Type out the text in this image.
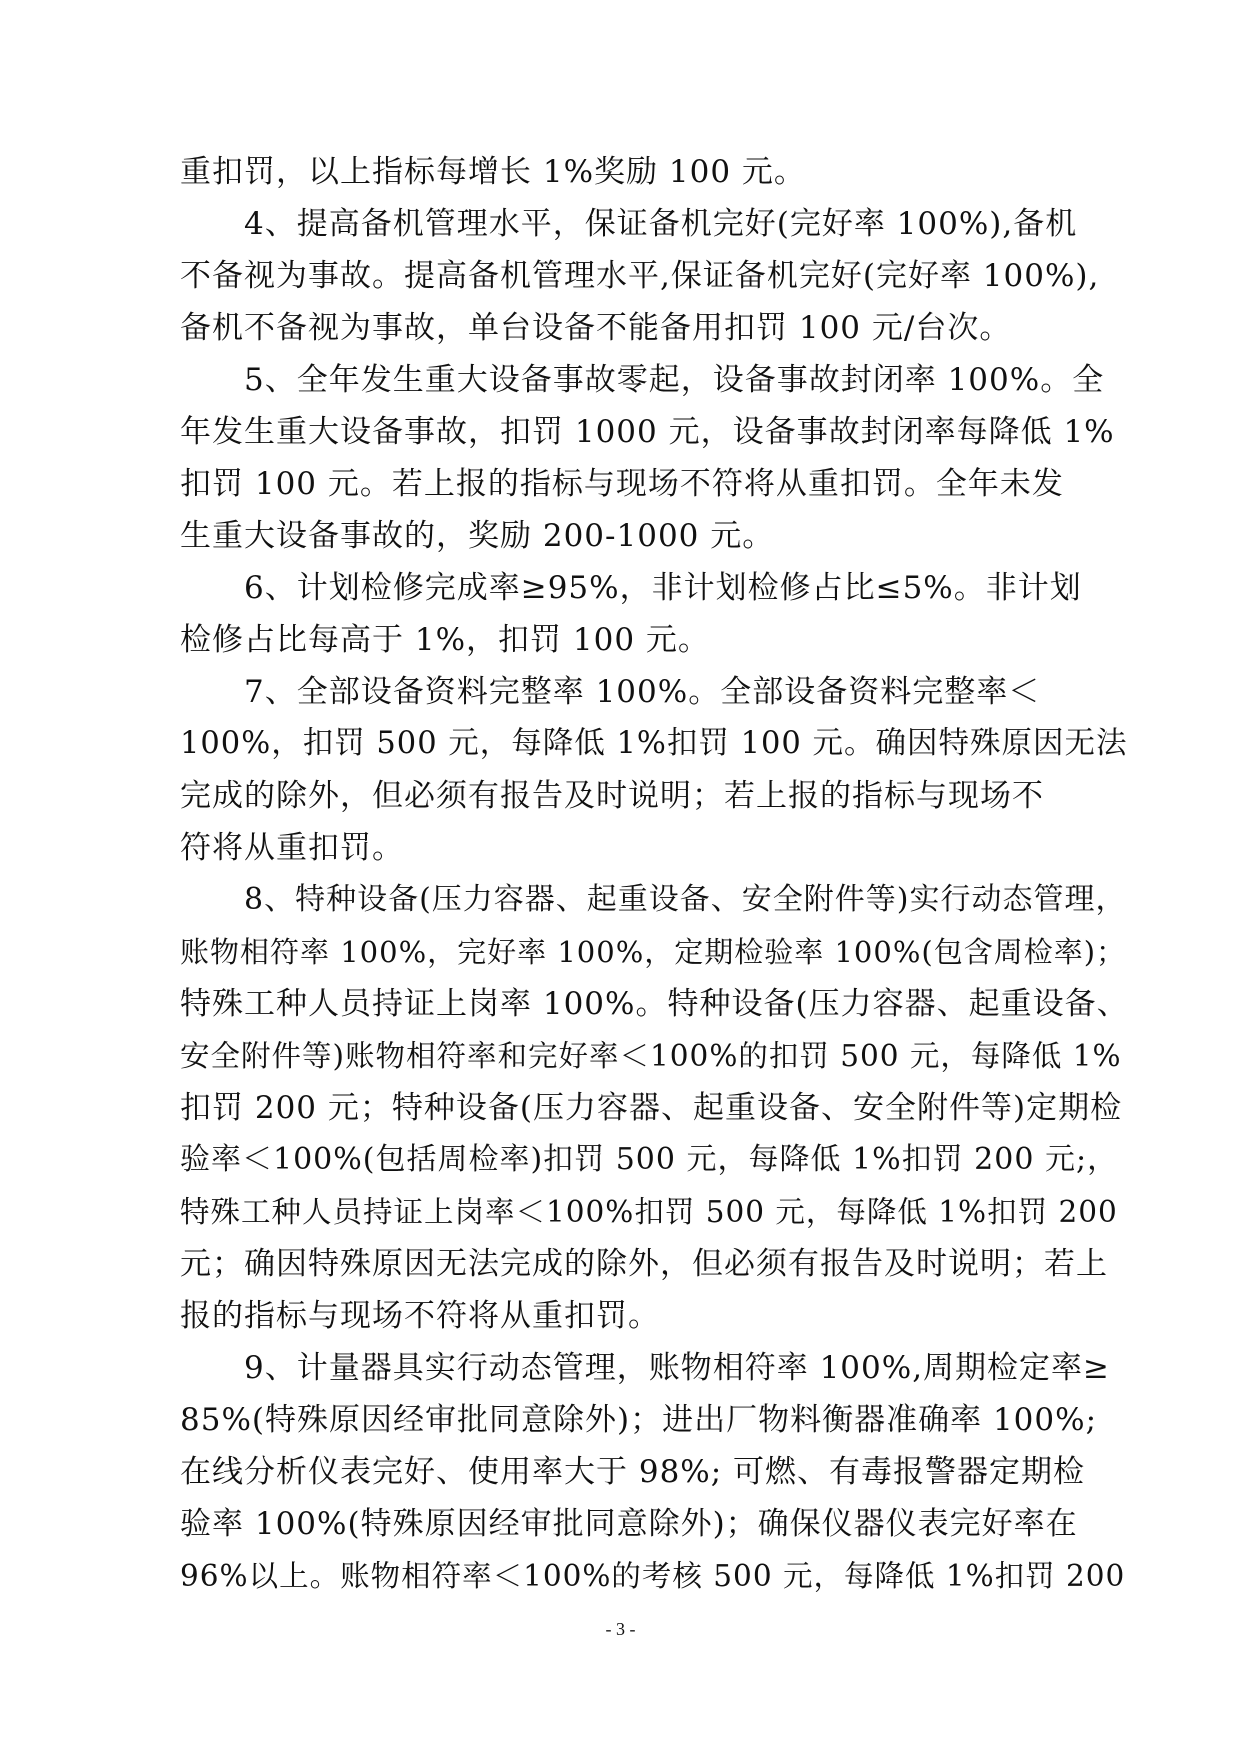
重扣罚，以上指标每增长 1%奖励 100 元。
4、提高备机管理水平，保证备机完好(完好率 100%),备机
不备视为事故。提高备机管理水平,保证备机完好(完好率 100%),
备机不备视为事故，单台设备不能备用扣罚 100 元/台次。
5、全年发生重大设备事故零起，设备事故封闭率 100%。全
年发生重大设备事故，扣罚 1000 元，设备事故封闭率每降低 1%
扣罚 100 元。若上报的指标与现场不符将从重扣罚。全年未发
生重大设备事故的，奖励 200-1000 元。
6、计划检修完成率≥95%，非计划检修占比≤5%。非计划
检修占比每高于 1%，扣罚 100 元。
7、全部设备资料完整率 100%。全部设备资料完整率＜
100%，扣罚 500 元，每降低 1%扣罚 100 元。确因特殊原因无法
完成的除外，但必须有报告及时说明；若上报的指标与现场不
符将从重扣罚。
8、特种设备(压力容器、起重设备、安全附件等)实行动态管理，
账物相符率 100%，完好率 100%，定期检验率 100%(包含周检率)；
特殊工种人员持证上岗率 100%。特种设备(压力容器、起重设备、
安全附件等)账物相符率和完好率＜100%的扣罚 500 元，每降低 1%
扣罚 200 元；特种设备(压力容器、起重设备、安全附件等)定期检
验率＜100%(包括周检率)扣罚 500 元，每降低 1%扣罚 200 元;，
特殊工种人员持证上岗率＜100%扣罚 500 元，每降低 1%扣罚 200
元；确因特殊原因无法完成的除外，但必须有报告及时说明；若上
报的指标与现场不符将从重扣罚。
9、计量器具实行动态管理，账物相符率 100%,周期检定率≥
85%(特殊原因经审批同意除外)；进出厂物料衡器准确率 100%;
在线分析仪表完好、使用率大于 98%; 可燃、有毒报警器定期检
验率 100%(特殊原因经审批同意除外)；确保仪器仪表完好率在
96%以上。账物相符率＜100%的考核 500 元，每降低 1%扣罚 200
- 3 -
